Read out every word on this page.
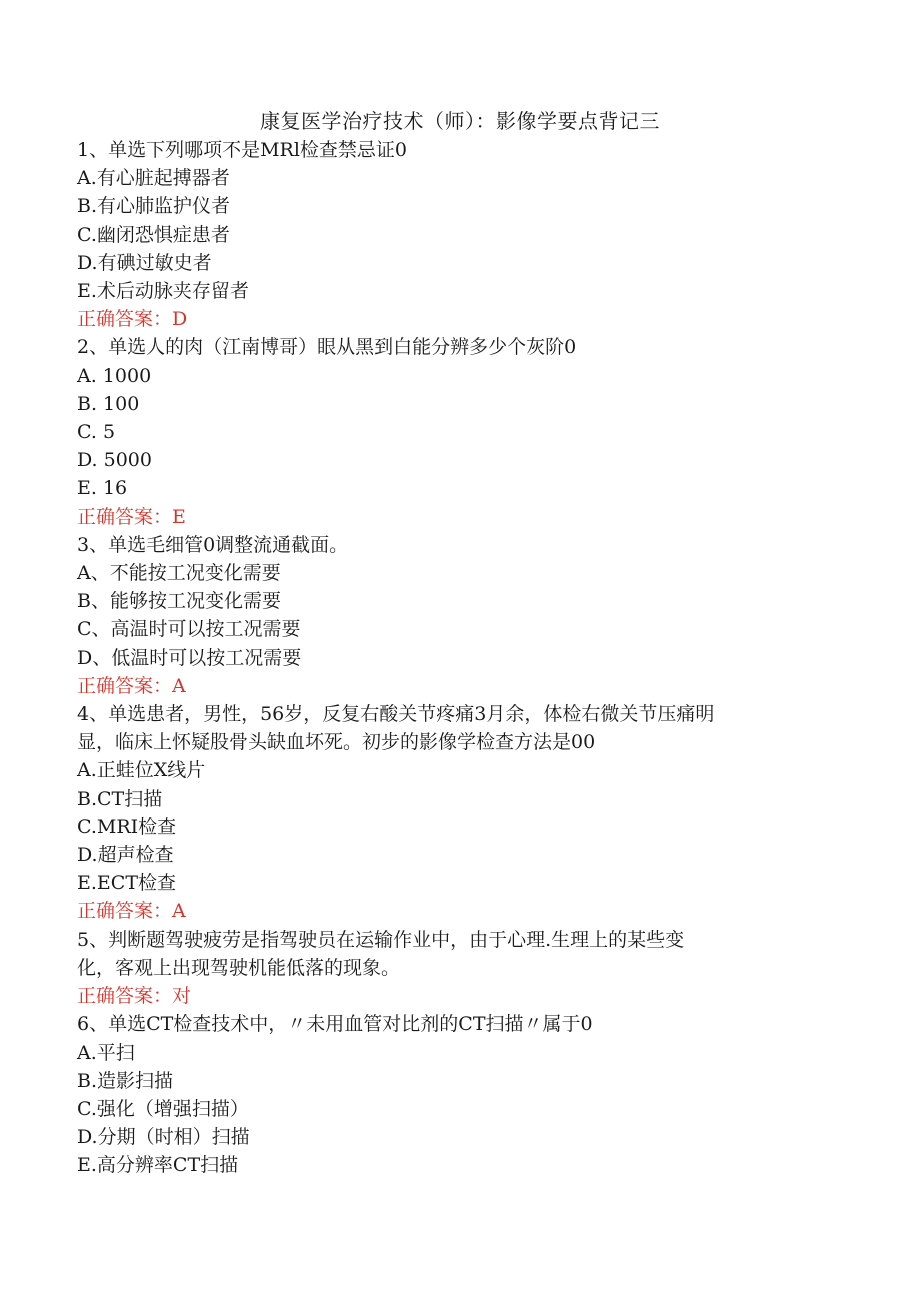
康复医学治疗技术（师）：影像学要点背记三

1、单选下列哪项不是MRl检查禁忌证0

A.有心脏起搏器者

B.有心肺监护仪者

C.幽闭恐惧症患者

D.有碘过敏史者

E.术后动脉夹存留者

正确答案：D

2、单选人的肉（江南博哥）眼从黑到白能分辨多少个灰阶0

A. 1000

B. 100

C. 5

D. 5000

E. 16

正确答案：E

3、单选毛细管0调整流通截面。

A、不能按工况变化需要

B、能够按工况变化需要

C、高温时可以按工况需要

D、低温时可以按工况需要

正确答案：A

4、单选患者，男性，56岁，反复右酸关节疼痛3月余，体检右微关节压痛明

显，临床上怀疑股骨头缺血坏死。初步的影像学检查方法是00

A.正蛙位X线片

B.CT扫描

C.MRI检查

D.超声检查

E.ECT检查

正确答案：A

5、判断题驾驶疲劳是指驾驶员在运输作业中，由于心理.生理上的某些变

化，客观上出现驾驶机能低落的现象。

正确答案：对

6、单选CT检查技术中，〃未用血管对比剂的CT扫描〃属于0

A.平扫

B.造影扫描

C.强化（增强扫描）

D.分期（时相）扫描

E.高分辨率CT扫描
